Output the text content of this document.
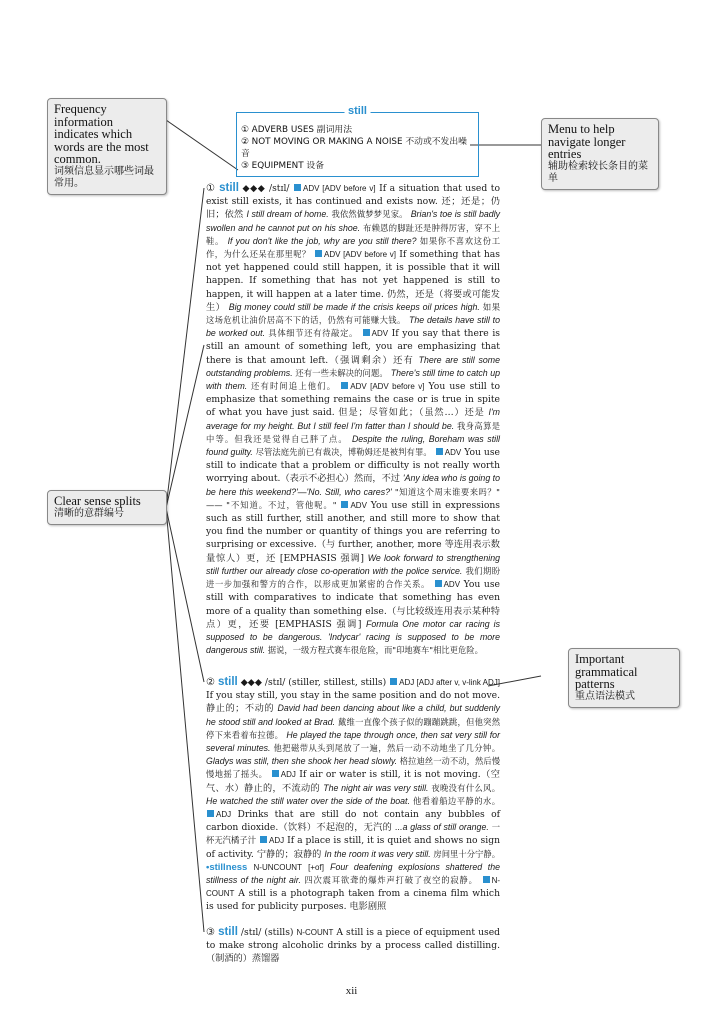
Frequency information indicates which words are the most common.
词频信息显示哪些词最常用。
Menu to help navigate longer entries
辅助检索较长条目的菜单
Clear sense splits
清晰的意群编号
Important grammatical patterns
重点语法模式
still
① ADVERB USES 副词用法
② NOT MOVING OR MAKING A NOISE 不动或不发出噪音
③ EQUIPMENT 设备

① still ◆◆◆ /stɪl/ ADV [ADV before v] If a situation that used to exist still exists, it has continued and exists now. 还；还是；仍旧；依然 I still dream of home. 我依然做梦梦见家。 Brian's toe is still badly swollen and he cannot put on his shoe. 布赖恩的脚趾还是肿得厉害，穿不上鞋。 If you don't like the job, why are you still there? 如果你不喜欢这份工作，为什么还呆在那里呢？ ADV [ADV before v] If something that has not yet happened could still happen, it is possible that it will happen. If something that has not yet happened is still to happen, it will happen at a later time. 仍然，还是（将要或可能发生） Big money could still be made if the crisis keeps oil prices high. 如果这场危机让油价居高不下的话，仍然有可能赚大钱。 The details have still to be worked out. 具体细节还有待敲定。 ADV If you say that there is still an amount of something left, you are emphasizing that there is that amount left.（强调剩余）还有 There are still some outstanding problems. 还有一些未解决的问题。 There's still time to catch up with them. 还有时间追上他们。 ADV [ADV before v] You use still to emphasize that something remains the case or is true in spite of what you have just said. 但是；尽管如此；（虽然…）还是 I'm average for my height. But I still feel I'm fatter than I should be. 我身高算是中等。但我还是觉得自己胖了点。 Despite the ruling, Boreham was still found guilty. 尽管法庭先前已有裁决，博勒姆还是被判有罪。 ADV You use still to indicate that a problem or difficulty is not really worth worrying about.（表示不必担心）然而，不过 'Any idea who is going to be here this weekend?'—'No. Still, who cares?' "知道这个周末谁要来吗？" —— "不知道。不过，管他呢。" ADV You use still in expressions such as still further, still another, and still more to show that you find the number or quantity of things you are referring to surprising or excessive.（与 further, another, more 等连用表示数量惊人）更，还 [EMPHASIS 强调] We look forward to strengthening still further our already close co-operation with the police service. 我们期盼进一步加强和警方的合作，以形成更加紧密的合作关系。 ADV You use still with comparatives to indicate that something has even more of a quality than something else.（与比较级连用表示某种特点）更，还要 [EMPHASIS 强调] Formula One motor car racing is supposed to be dangerous. 'Indycar' racing is supposed to be more dangerous still. 据说，一级方程式赛车很危险，而"印地赛车"相比更危险。

② still ◆◆◆ /stɪl/ (stiller, stillest, stills) ADJ [ADJ after v, v-link ADJ] If you stay still, you stay in the same position and do not move. 静止的；不动的 David had been dancing about like a child, but suddenly he stood still and looked at Brad. 戴维一直像个孩子似的蹦蹦跳跳，但他突然停下来看着布拉德。 He played the tape through once, then sat very still for several minutes. 他把磁带从头到尾放了一遍，然后一动不动地坐了几分钟。 Gladys was still, then she shook her head slowly. 格拉迪丝一动不动，然后慢慢地摇了摇头。 ADJ If air or water is still, it is not moving.（空气、水）静止的，不流动的 The night air was very still. 夜晚没有什么风。 He watched the still water over the side of the boat. 他看着船边平静的水。 ADJ Drinks that are still do not contain any bubbles of carbon dioxide.（饮料）不起泡的，无汽的 ...a glass of still orange. 一杯无汽橘子汁 ADJ If a place is still, it is quiet and shows no sign of activity. 宁静的；寂静的 In the room it was very still. 房间里十分宁静。 •stillness N-UNCOUNT [+of] Four deafening explosions shattered the stillness of the night air. 四次震耳欲聋的爆炸声打破了夜空的寂静。 N-COUNT A still is a photograph taken from a cinema film which is used for publicity purposes. 电影剧照

③ still /stɪl/ (stills) N-COUNT A still is a piece of equipment used to make strong alcoholic drinks by a process called distilling.（制酒的）蒸馏器

xii
